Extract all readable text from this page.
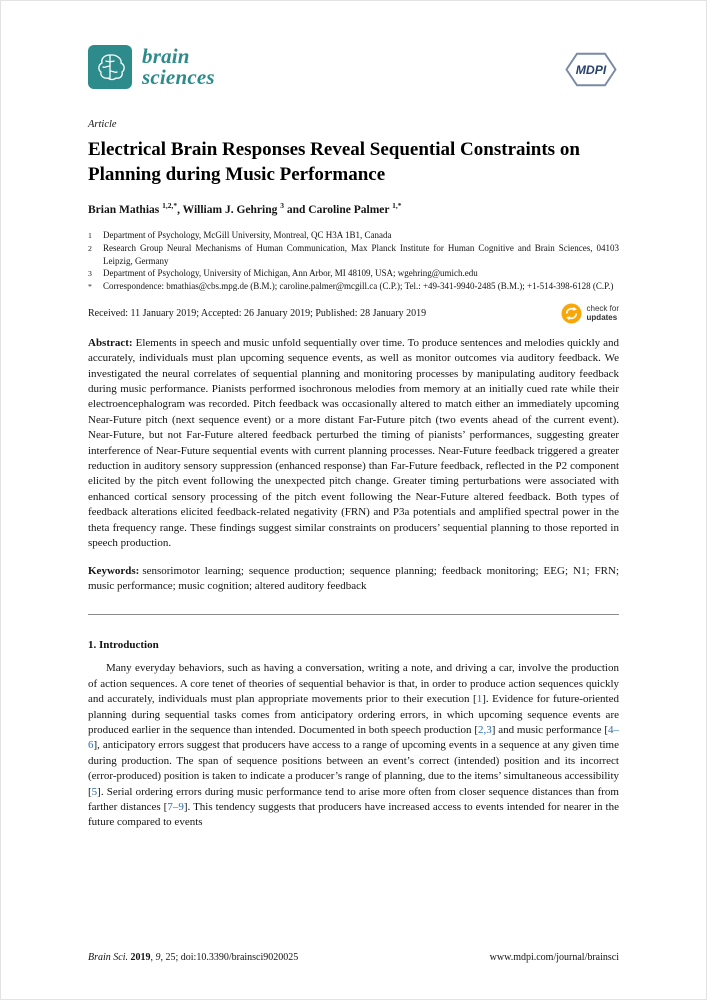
brain
sciences	MDPI

Article

Electrical Brain Responses Reveal Sequential Constraints on Planning during Music Performance

Brian Mathias $^{1,2,*}$, William J. Gehring $^3$ and Caroline Palmer $^{1,*}$

1	Department of Psychology, McGill University, Montreal, QC H3A 1B1, Canada
2	Research Group Neural Mechanisms of Human Communication, Max Planck Institute for Human Cognitive and Brain Sciences, 04103 Leipzig, Germany
3	Department of Psychology, University of Michigan, Ann Arbor, MI 48109, USA; wgehring@umich.edu
*	Correspondence: bmathias@cbs.mpg.de (B.M.); caroline.palmer@mcgill.ca (C.P.); Tel.: +49-341-9940-2485 (B.M.); +1-514-398-6128 (C.P.)

Received: 11 January 2019; Accepted: 26 January 2019; Published: 28 January 2019	check for
updates

Abstract: Elements in speech and music unfold sequentially over time. To produce sentences and melodies quickly and accurately, individuals must plan upcoming sequence events, as well as monitor outcomes via auditory feedback. We investigated the neural correlates of sequential planning and monitoring processes by manipulating auditory feedback during music performance. Pianists performed isochronous melodies from memory at an initially cued rate while their electroencephalogram was recorded. Pitch feedback was occasionally altered to match either an immediately upcoming Near-Future pitch (next sequence event) or a more distant Far-Future pitch (two events ahead of the current event). Near-Future, but not Far-Future altered feedback perturbed the timing of pianists’ performances, suggesting greater interference of Near-Future sequential events with current planning processes. Near-Future feedback triggered a greater reduction in auditory sensory suppression (enhanced response) than Far-Future feedback, reflected in the P2 component elicited by the pitch event following the unexpected pitch change. Greater timing perturbations were associated with enhanced cortical sensory processing of the pitch event following the Near-Future altered feedback. Both types of feedback alterations elicited feedback-related negativity (FRN) and P3a potentials and amplified spectral power in the theta frequency range. These findings suggest similar constraints on producers’ sequential planning to those reported in speech production.

Keywords: sensorimotor learning; sequence production; sequence planning; feedback monitoring; EEG; N1; FRN; music performance; music cognition; altered auditory feedback

1. Introduction

Many everyday behaviors, such as having a conversation, writing a note, and driving a car, involve the production of action sequences. A core tenet of theories of sequential behavior is that, in order to produce action sequences quickly and accurately, individuals must plan appropriate movements prior to their execution [1]. Evidence for future-oriented planning during sequential tasks comes from anticipatory ordering errors, in which upcoming sequence events are produced earlier in the sequence than intended. Documented in both speech production [2,3] and music performance [4–6], anticipatory errors suggest that producers have access to a range of upcoming events in a sequence at any given time during production. The span of sequence positions between an event’s correct (intended) position and its incorrect (error-produced) position is taken to indicate a producer’s range of planning, due to the items’ simultaneous accessibility [5]. Serial ordering errors during music performance tend to arise more often from closer sequence distances than from farther distances [7–9]. This tendency suggests that producers have increased access to events intended for nearer in the future compared to events

Brain Sci. 2019, 9, 25; doi:10.3390/brainsci9020025	www.mdpi.com/journal/brainsci
